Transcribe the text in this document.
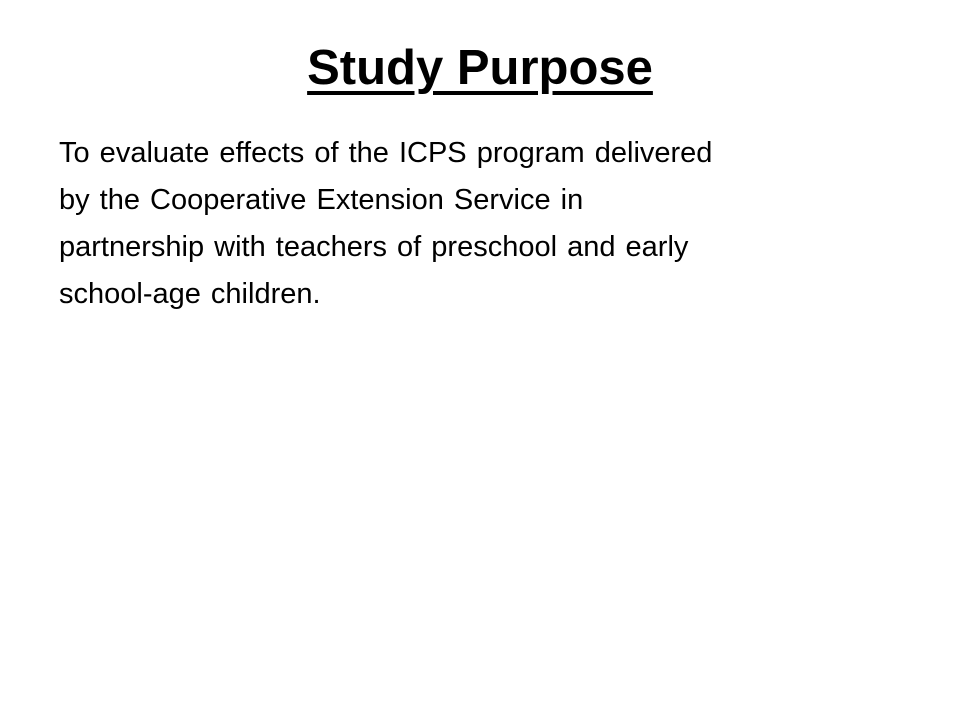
Study Purpose

To evaluate effects of the ICPS program delivered
by the Cooperative Extension Service in
partnership with teachers of preschool and early
school-age children.
